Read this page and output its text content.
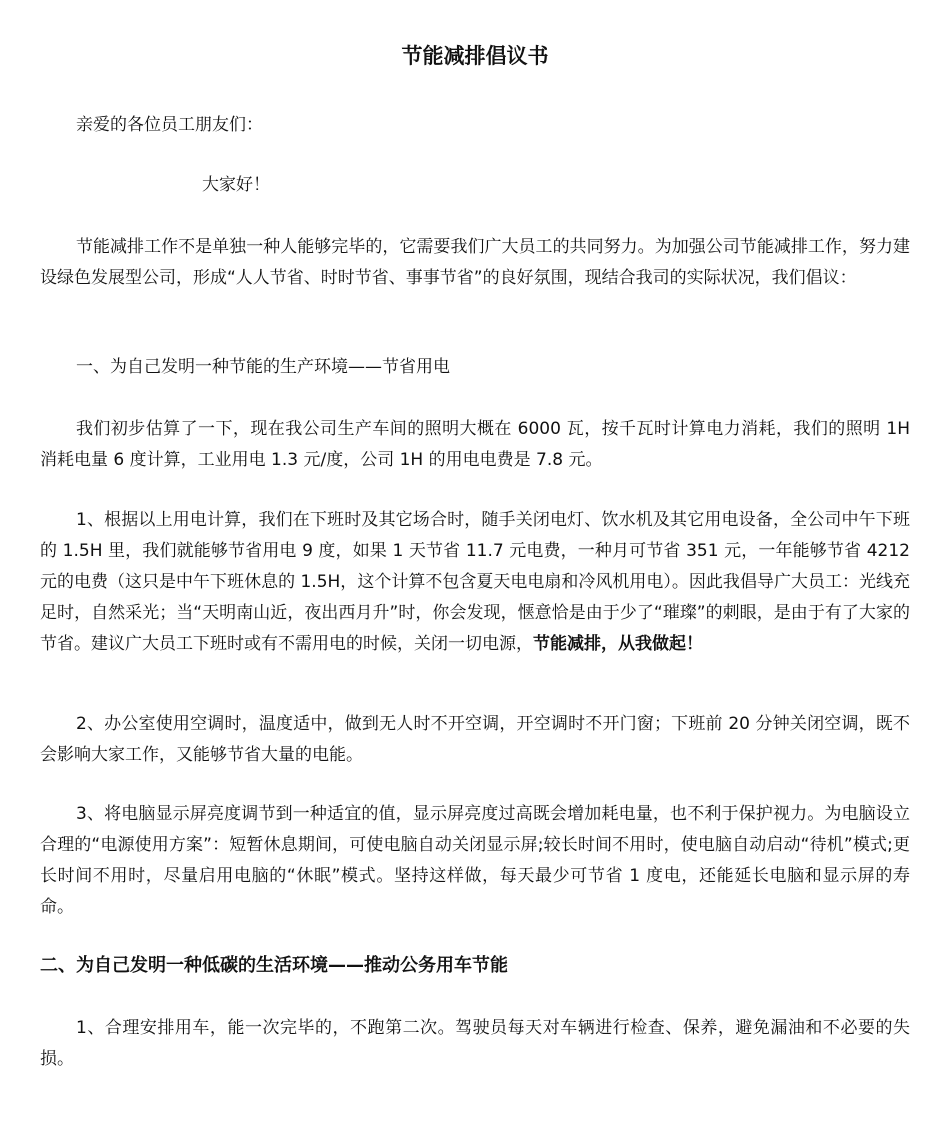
节能减排倡议书
亲爱的各位员工朋友们：
大家好！
节能减排工作不是单独一种人能够完毕的，它需要我们广大员工的共同努力。为加强公司节能减排工作，努力建设绿色发展型公司，形成“人人节省、时时节省、事事节省”的良好氛围，现结合我司的实际状况，我们倡议：
一、为自己发明一种节能的生产环境——节省用电
我们初步估算了一下，现在我公司生产车间的照明大概在 6000 瓦，按千瓦时计算电力消耗，我们的照明 1H 消耗电量 6 度计算，工业用电 1.3 元/度，公司 1H 的用电电费是 7.8 元。
1、根据以上用电计算，我们在下班时及其它场合时，随手关闭电灯、饮水机及其它用电设备，全公司中午下班的 1.5H 里，我们就能够节省用电 9 度，如果 1 天节省 11.7 元电费，一种月可节省 351 元，一年能够节省 4212 元的电费（这只是中午下班休息的 1.5H，这个计算不包含夏天电电扇和冷风机用电）。因此我倡导广大员工：光线充足时，自然采光；当“天明南山近，夜出西月升”时，你会发现，惬意恰是由于少了“璀璨”的刺眼，是由于有了大家的节省。建议广大员工下班时或有不需用电的时候，关闭一切电源，节能减排，从我做起！
2、办公室使用空调时，温度适中，做到无人时不开空调，开空调时不开门窗；下班前 20 分钟关闭空调，既不会影响大家工作，又能够节省大量的电能。
3、将电脑显示屏亮度调节到一种适宜的值，显示屏亮度过高既会增加耗电量，也不利于保护视力。为电脑设立合理的“电源使用方案”：短暂休息期间，可使电脑自动关闭显示屏;较长时间不用时，使电脑自动启动“待机”模式;更长时间不用时，尽量启用电脑的“休眠”模式。坚持这样做，每天最少可节省 1 度电，还能延长电脑和显示屏的寿命。
二、为自己发明一种低碳的生活环境——推动公务用车节能
1、合理安排用车，能一次完毕的，不跑第二次。驾驶员每天对车辆进行检查、保养，避免漏油和不必要的失损。
